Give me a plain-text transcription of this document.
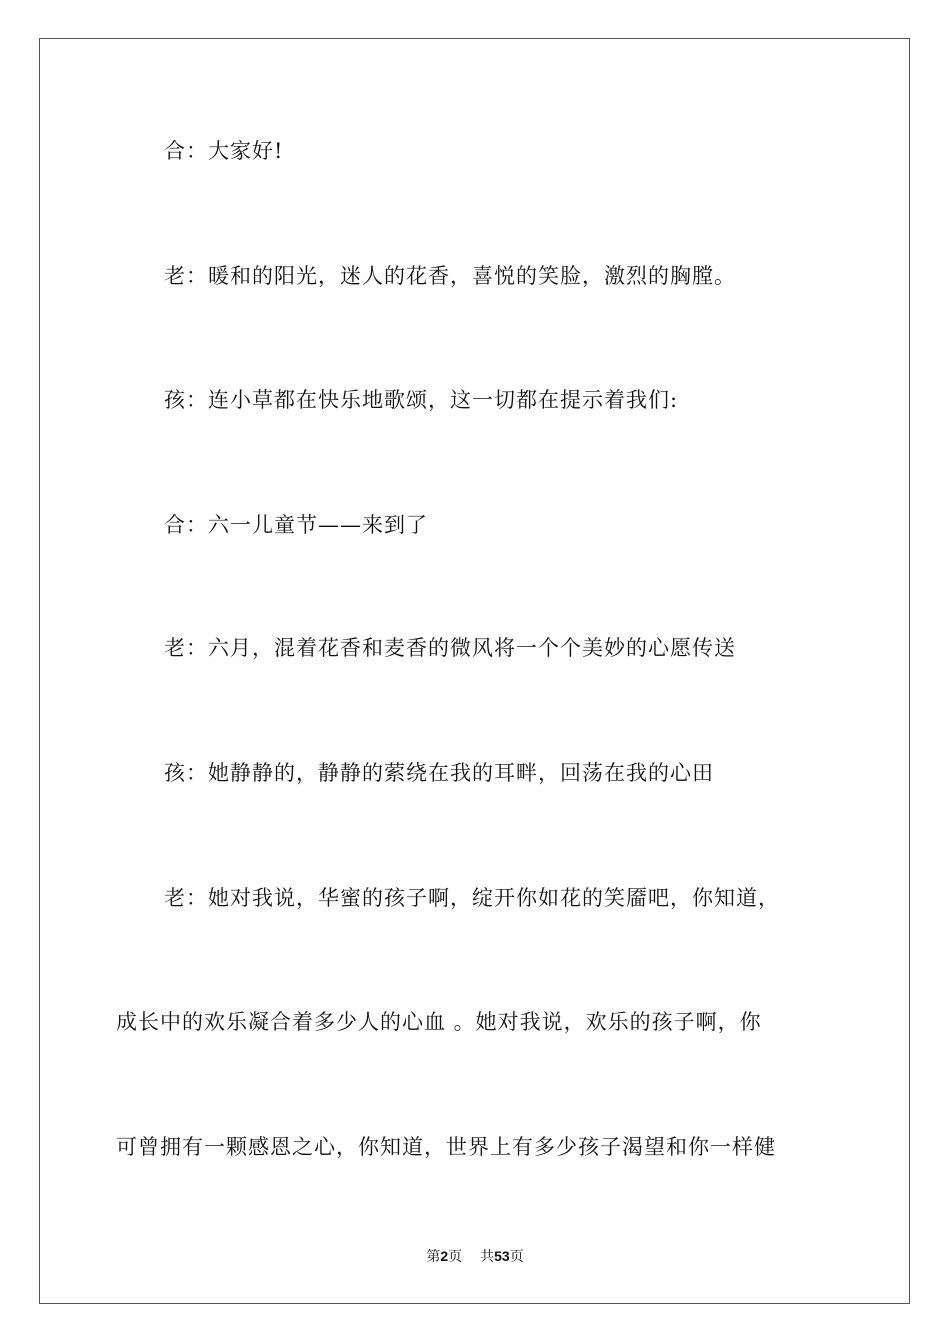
合：大家好!
老：暖和的阳光，迷人的花香，喜悦的笑脸，激烈的胸膛。
孩：连小草都在快乐地歌颂，这一切都在提示着我们:
合：六一儿童节——来到了
老：六月，混着花香和麦香的微风将一个个美妙的心愿传送
孩：她静静的，静静的萦绕在我的耳畔，回荡在我的心田
老：她对我说，华蜜的孩子啊，绽开你如花的笑靥吧，你知道，
成长中的欢乐凝合着多少人的心血 。她对我说，欢乐的孩子啊，你
可曾拥有一颗感恩之心，你知道，世界上有多少孩子渴望和你一样健
第2页 共53页
